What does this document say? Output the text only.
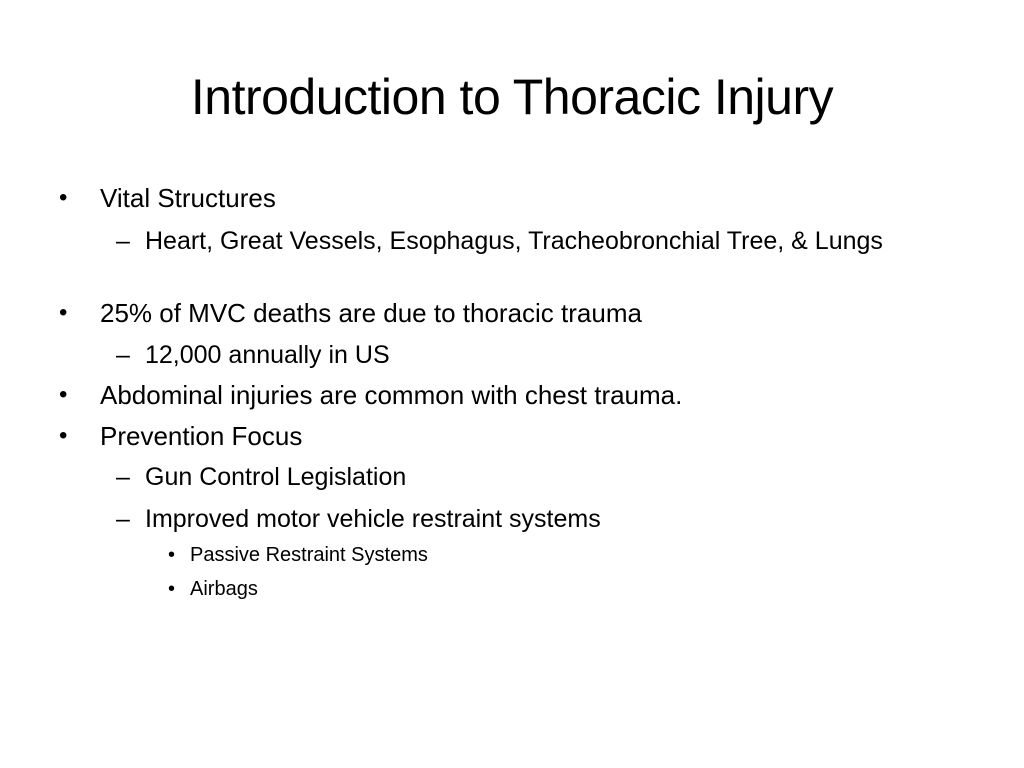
Introduction to Thoracic Injury
• Vital Structures
– Heart, Great Vessels, Esophagus, Tracheobronchial Tree, & Lungs
• 25% of MVC deaths are due to thoracic trauma
– 12,000 annually in US
• Abdominal injuries are common with chest trauma.
• Prevention Focus
– Gun Control Legislation
– Improved motor vehicle restraint systems
• Passive Restraint Systems
• Airbags
